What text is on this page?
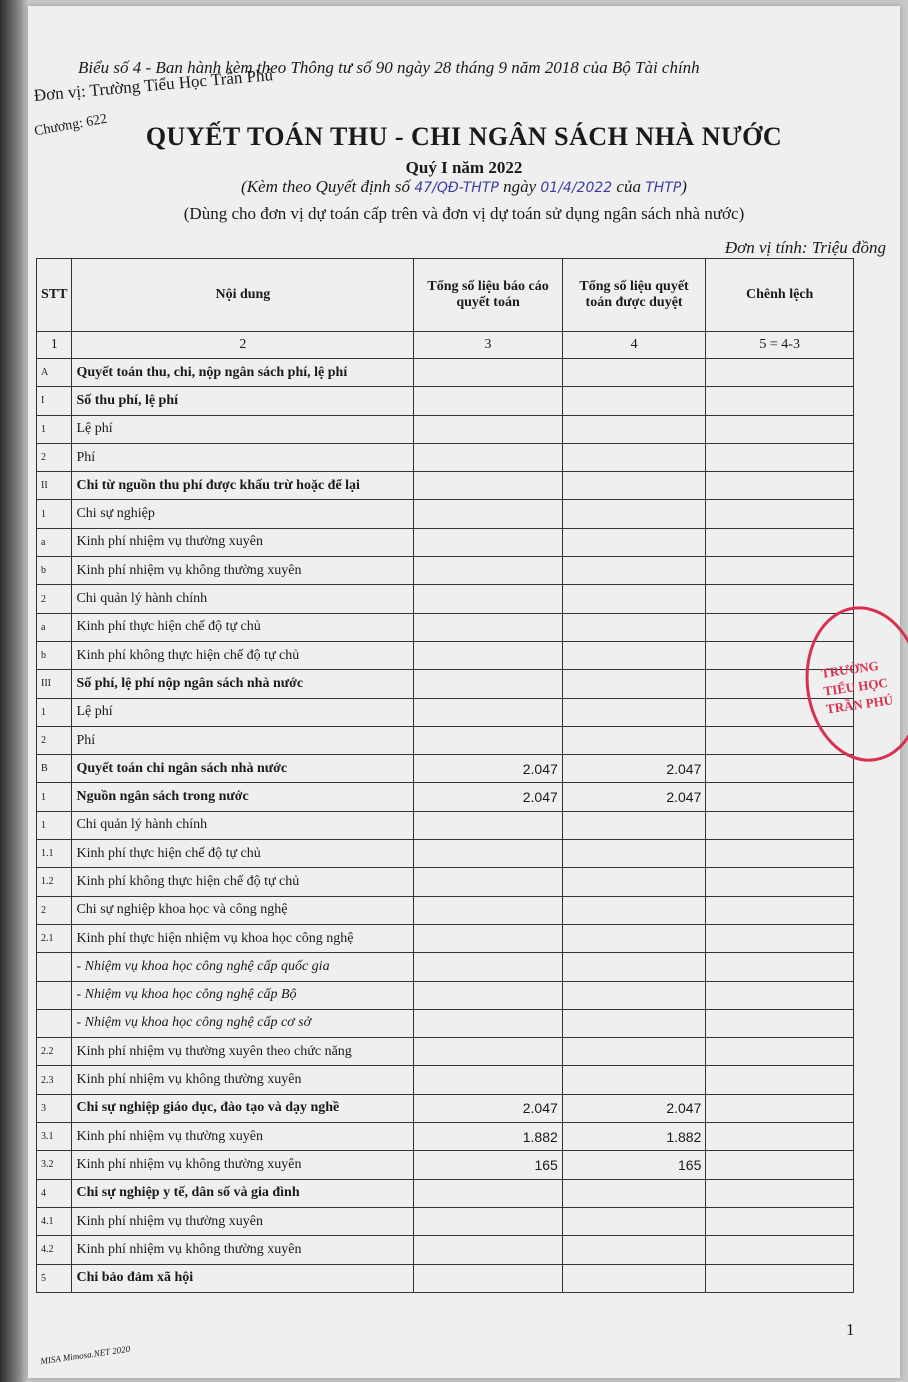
Biểu số 4 - Ban hành kèm theo Thông tư số 90 ngày 28 tháng 9 năm 2018 của Bộ Tài chính
Đơn vị: Trường Tiểu Học Trần Phú
Chương: 622	QUYẾT TOÁN THU - CHI NGÂN SÁCH NHÀ NƯỚC
Quý I năm 2022
(Kèm theo Quyết định số 47/QĐ-THTP ngày 01/4/2022 của THTP)
(Dùng cho đơn vị dự toán cấp trên và đơn vị dự toán sử dụng ngân sách nhà nước)
Đơn vị tính: Triệu đồng
STT	Nội dung	Tổng số liệu báo cáo quyết toán	Tổng số liệu quyết toán được duyệt	Chênh lệch
1	2	3	4	5 = 4-3
A	Quyết toán thu, chi, nộp ngân sách phí, lệ phí			
I	Số thu phí, lệ phí			
1	Lệ phí			
2	Phí			
II	Chi từ nguồn thu phí được khấu trừ hoặc để lại			
1	Chi sự nghiệp			
a	Kinh phí nhiệm vụ thường xuyên			
b	Kinh phí nhiệm vụ không thường xuyên			
2	Chi quản lý hành chính			
a	Kinh phí thực hiện chế độ tự chủ			
b	Kinh phí không thực hiện chế độ tự chủ			
III	Số phí, lệ phí nộp ngân sách nhà nước			
1	Lệ phí			
2	Phí			
B	Quyết toán chi ngân sách nhà nước	2.047	2.047	
1	Nguồn ngân sách trong nước	2.047	2.047	
1	Chi quản lý hành chính			
1.1	Kinh phí thực hiện chế độ tự chủ			
1.2	Kinh phí không thực hiện chế độ tự chủ			
2	Chi sự nghiệp khoa học và công nghệ			
2.1	Kinh phí thực hiện nhiệm vụ khoa học công nghệ			
	- Nhiệm vụ khoa học công nghệ cấp quốc gia			
	- Nhiệm vụ khoa học công nghệ cấp Bộ			
	- Nhiệm vụ khoa học công nghệ cấp cơ sở			
2.2	Kinh phí nhiệm vụ thường xuyên theo chức năng			
2.3	Kinh phí nhiệm vụ không thường xuyên			
3	Chi sự nghiệp giáo dục, đào tạo và dạy nghề	2.047	2.047	
3.1	Kinh phí nhiệm vụ thường xuyên	1.882	1.882	
3.2	Kinh phí nhiệm vụ không thường xuyên	165	165	
4	Chi sự nghiệp y tế, dân số và gia đình			
4.1	Kinh phí nhiệm vụ thường xuyên			
4.2	Kinh phí nhiệm vụ không thường xuyên			
5	Chi bảo đảm xã hội			
TRƯỜNG
TIỂU HỌC
TRẦN PHÚ
MISA Mimosa.NET 2020
1
